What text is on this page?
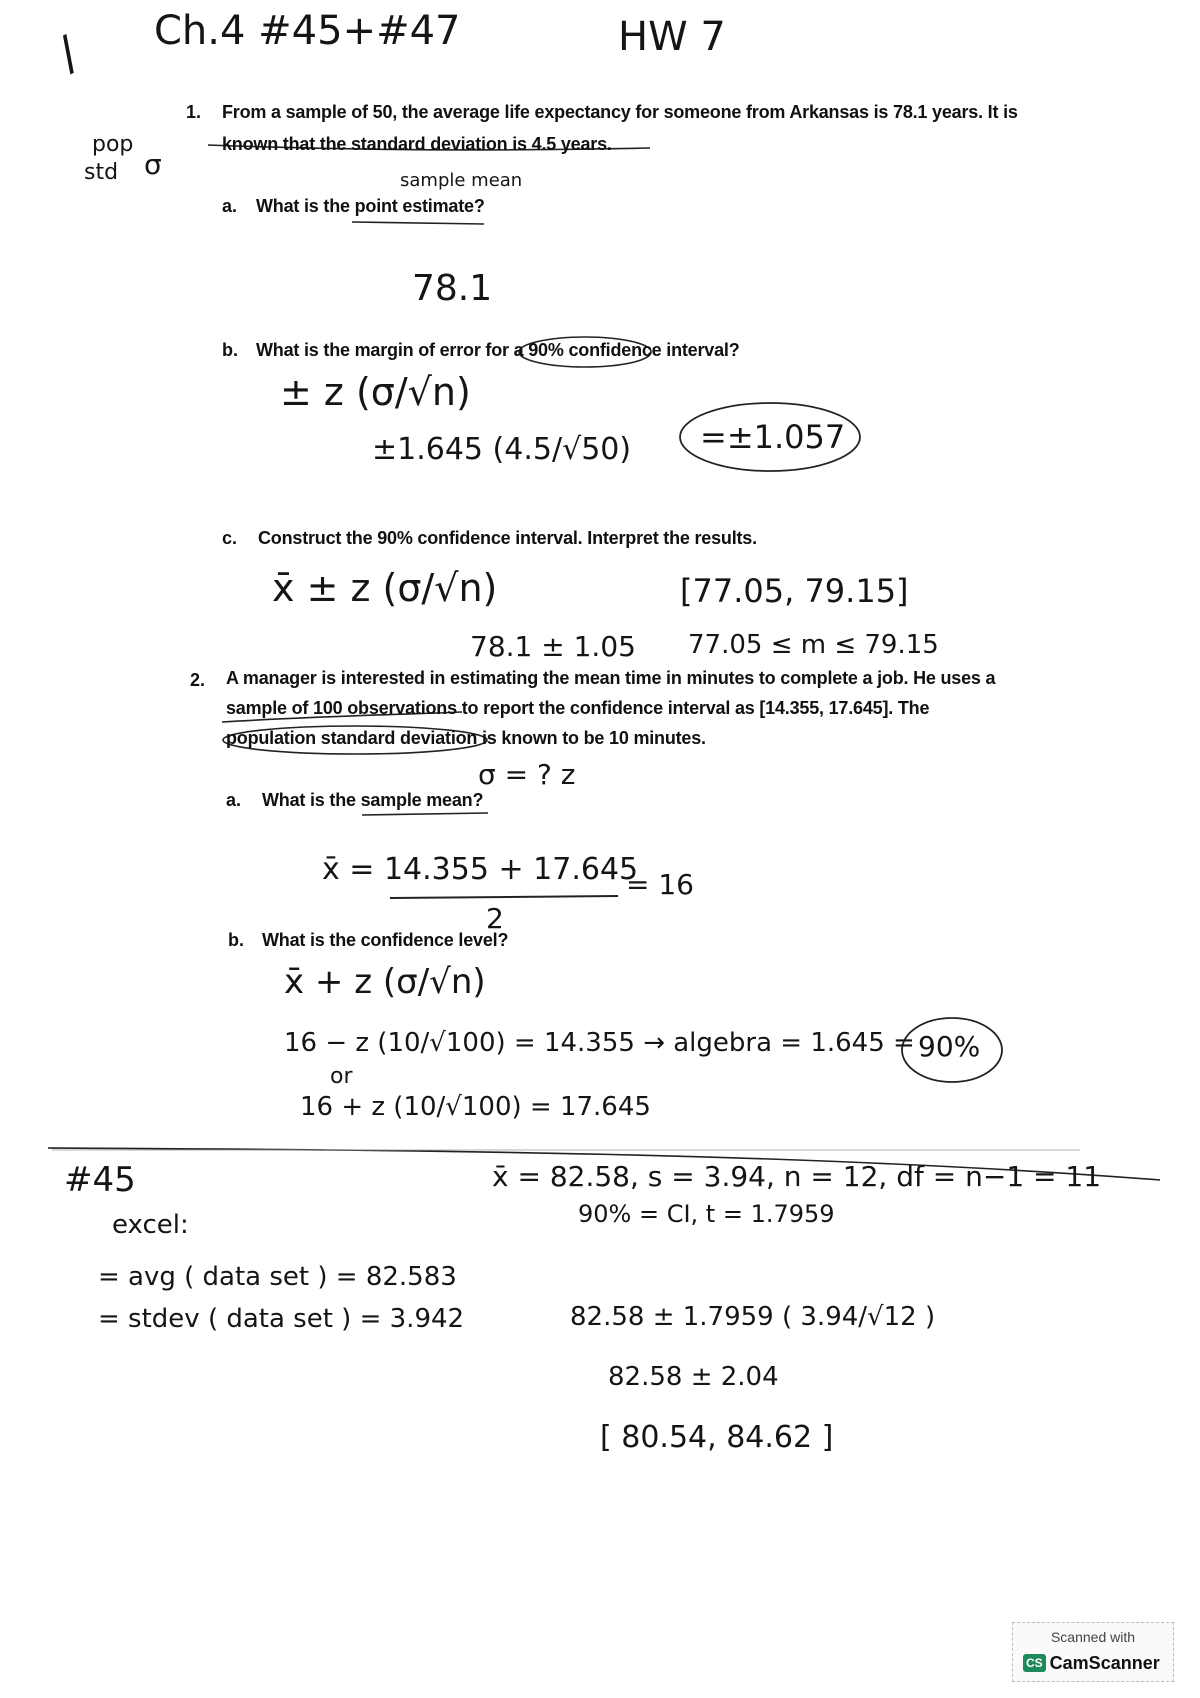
/ Ch.4 #45+#47	HW 7
pop
std σ
1. From a sample of 50, the average life expectancy for someone from Arkansas is 78.1 years. It is
known that the standard deviation is 4.5 years.
sample mean
a. What is the point estimate?
78.1
b. What is the margin of error for a 90% confidence interval?
± z (σ/√n)
±1.645 (4.5/√50) =±1.057
c. Construct the 90% confidence interval. Interpret the results.
x̄ ± z (σ/√n)	[77.05, 79.15]
78.1 ± 1.05 77.05 ≤ m ≤ 79.15
2. A manager is interested in estimating the mean time in minutes to complete a job. He uses a
sample of 100 observations to report the confidence interval as [14.355, 17.645]. The
population standard deviation is known to be 10 minutes.
σ = ? z
a. What is the sample mean?
x̄ = 14.355 + 17.645
= 16
2
b. What is the confidence level?
x̄ + z (σ/√n)
16 − z (10/√100) = 14.355 → algebra = 1.645 = 90%
or
16 + z (10/√100) = 17.645
#45
excel:
= avg ( data set ) = 82.583
= stdev ( data set ) = 3.942
x̄ = 82.58, s = 3.94, n = 12, df = n−1 = 11
90% = CI, t = 1.7959
82.58 ± 1.7959 ( 3.94/√12 )
82.58 ± 2.04
[ 80.54, 84.62 ]
Scanned with
CS CamScanner
